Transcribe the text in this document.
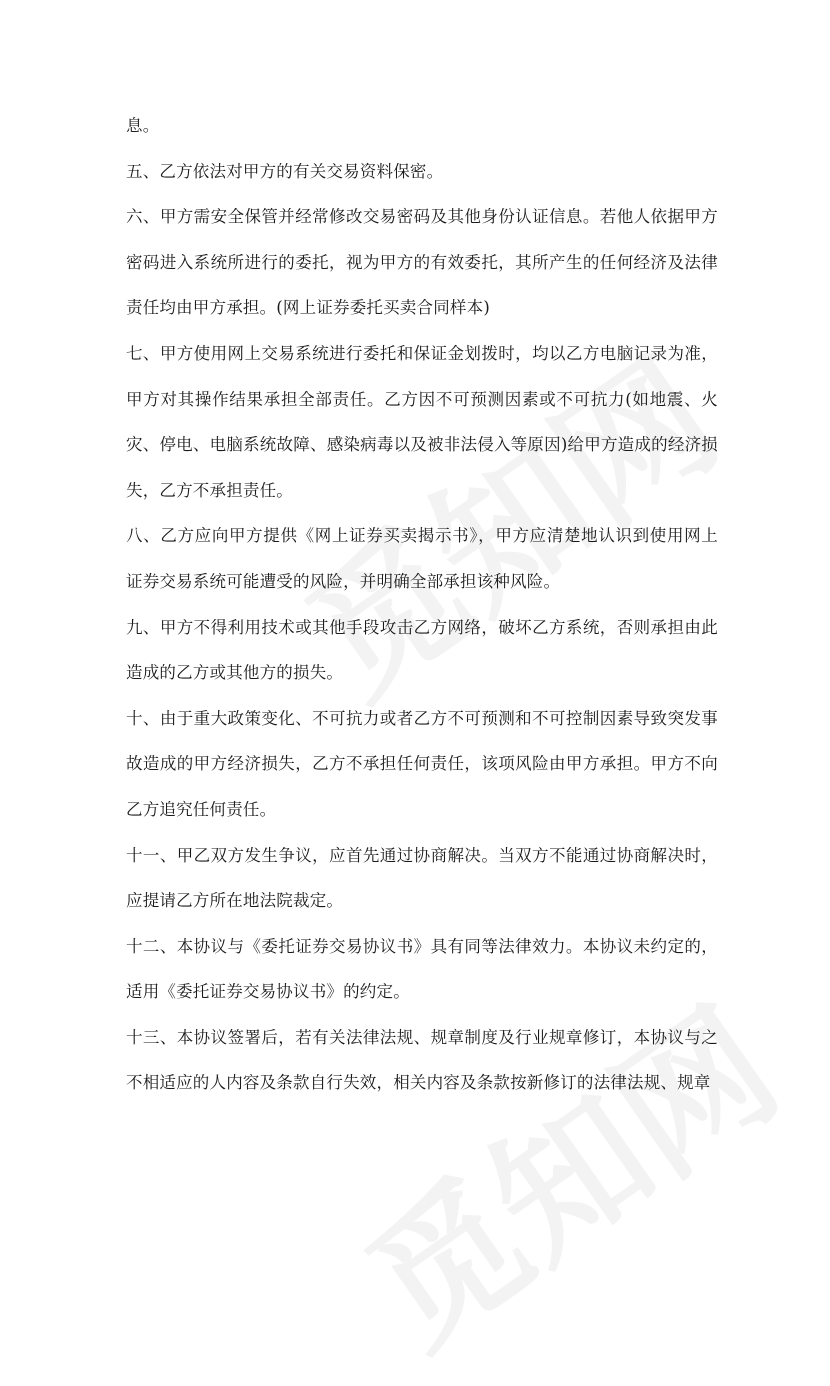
息。

五、乙方依法对甲方的有关交易资料保密。

六、甲方需安全保管并经常修改交易密码及其他身份认证信息。若他人依据甲方密码进入系统所进行的委托，视为甲方的有效委托，其所产生的任何经济及法律责任均由甲方承担。(网上证券委托买卖合同样本)

七、甲方使用网上交易系统进行委托和保证金划拨时，均以乙方电脑记录为准，甲方对其操作结果承担全部责任。乙方因不可预测因素或不可抗力(如地震、火灾、停电、电脑系统故障、感染病毒以及被非法侵入等原因)给甲方造成的经济损失，乙方不承担责任。

八、乙方应向甲方提供《网上证券买卖揭示书》，甲方应清楚地认识到使用网上证券交易系统可能遭受的风险，并明确全部承担该种风险。

九、甲方不得利用技术或其他手段攻击乙方网络，破坏乙方系统，否则承担由此造成的乙方或其他方的损失。

十、由于重大政策变化、不可抗力或者乙方不可预测和不可控制因素导致突发事故造成的甲方经济损失，乙方不承担任何责任，该项风险由甲方承担。甲方不向乙方追究任何责任。

十一、甲乙双方发生争议，应首先通过协商解决。当双方不能通过协商解决时，应提请乙方所在地法院裁定。

十二、本协议与《委托证券交易协议书》具有同等法律效力。本协议未约定的，适用《委托证券交易协议书》的约定。

十三、本协议签署后，若有关法律法规、规章制度及行业规章修订，本协议与之不相适应的人内容及条款自行失效，相关内容及条款按新修订的法律法规、规章
